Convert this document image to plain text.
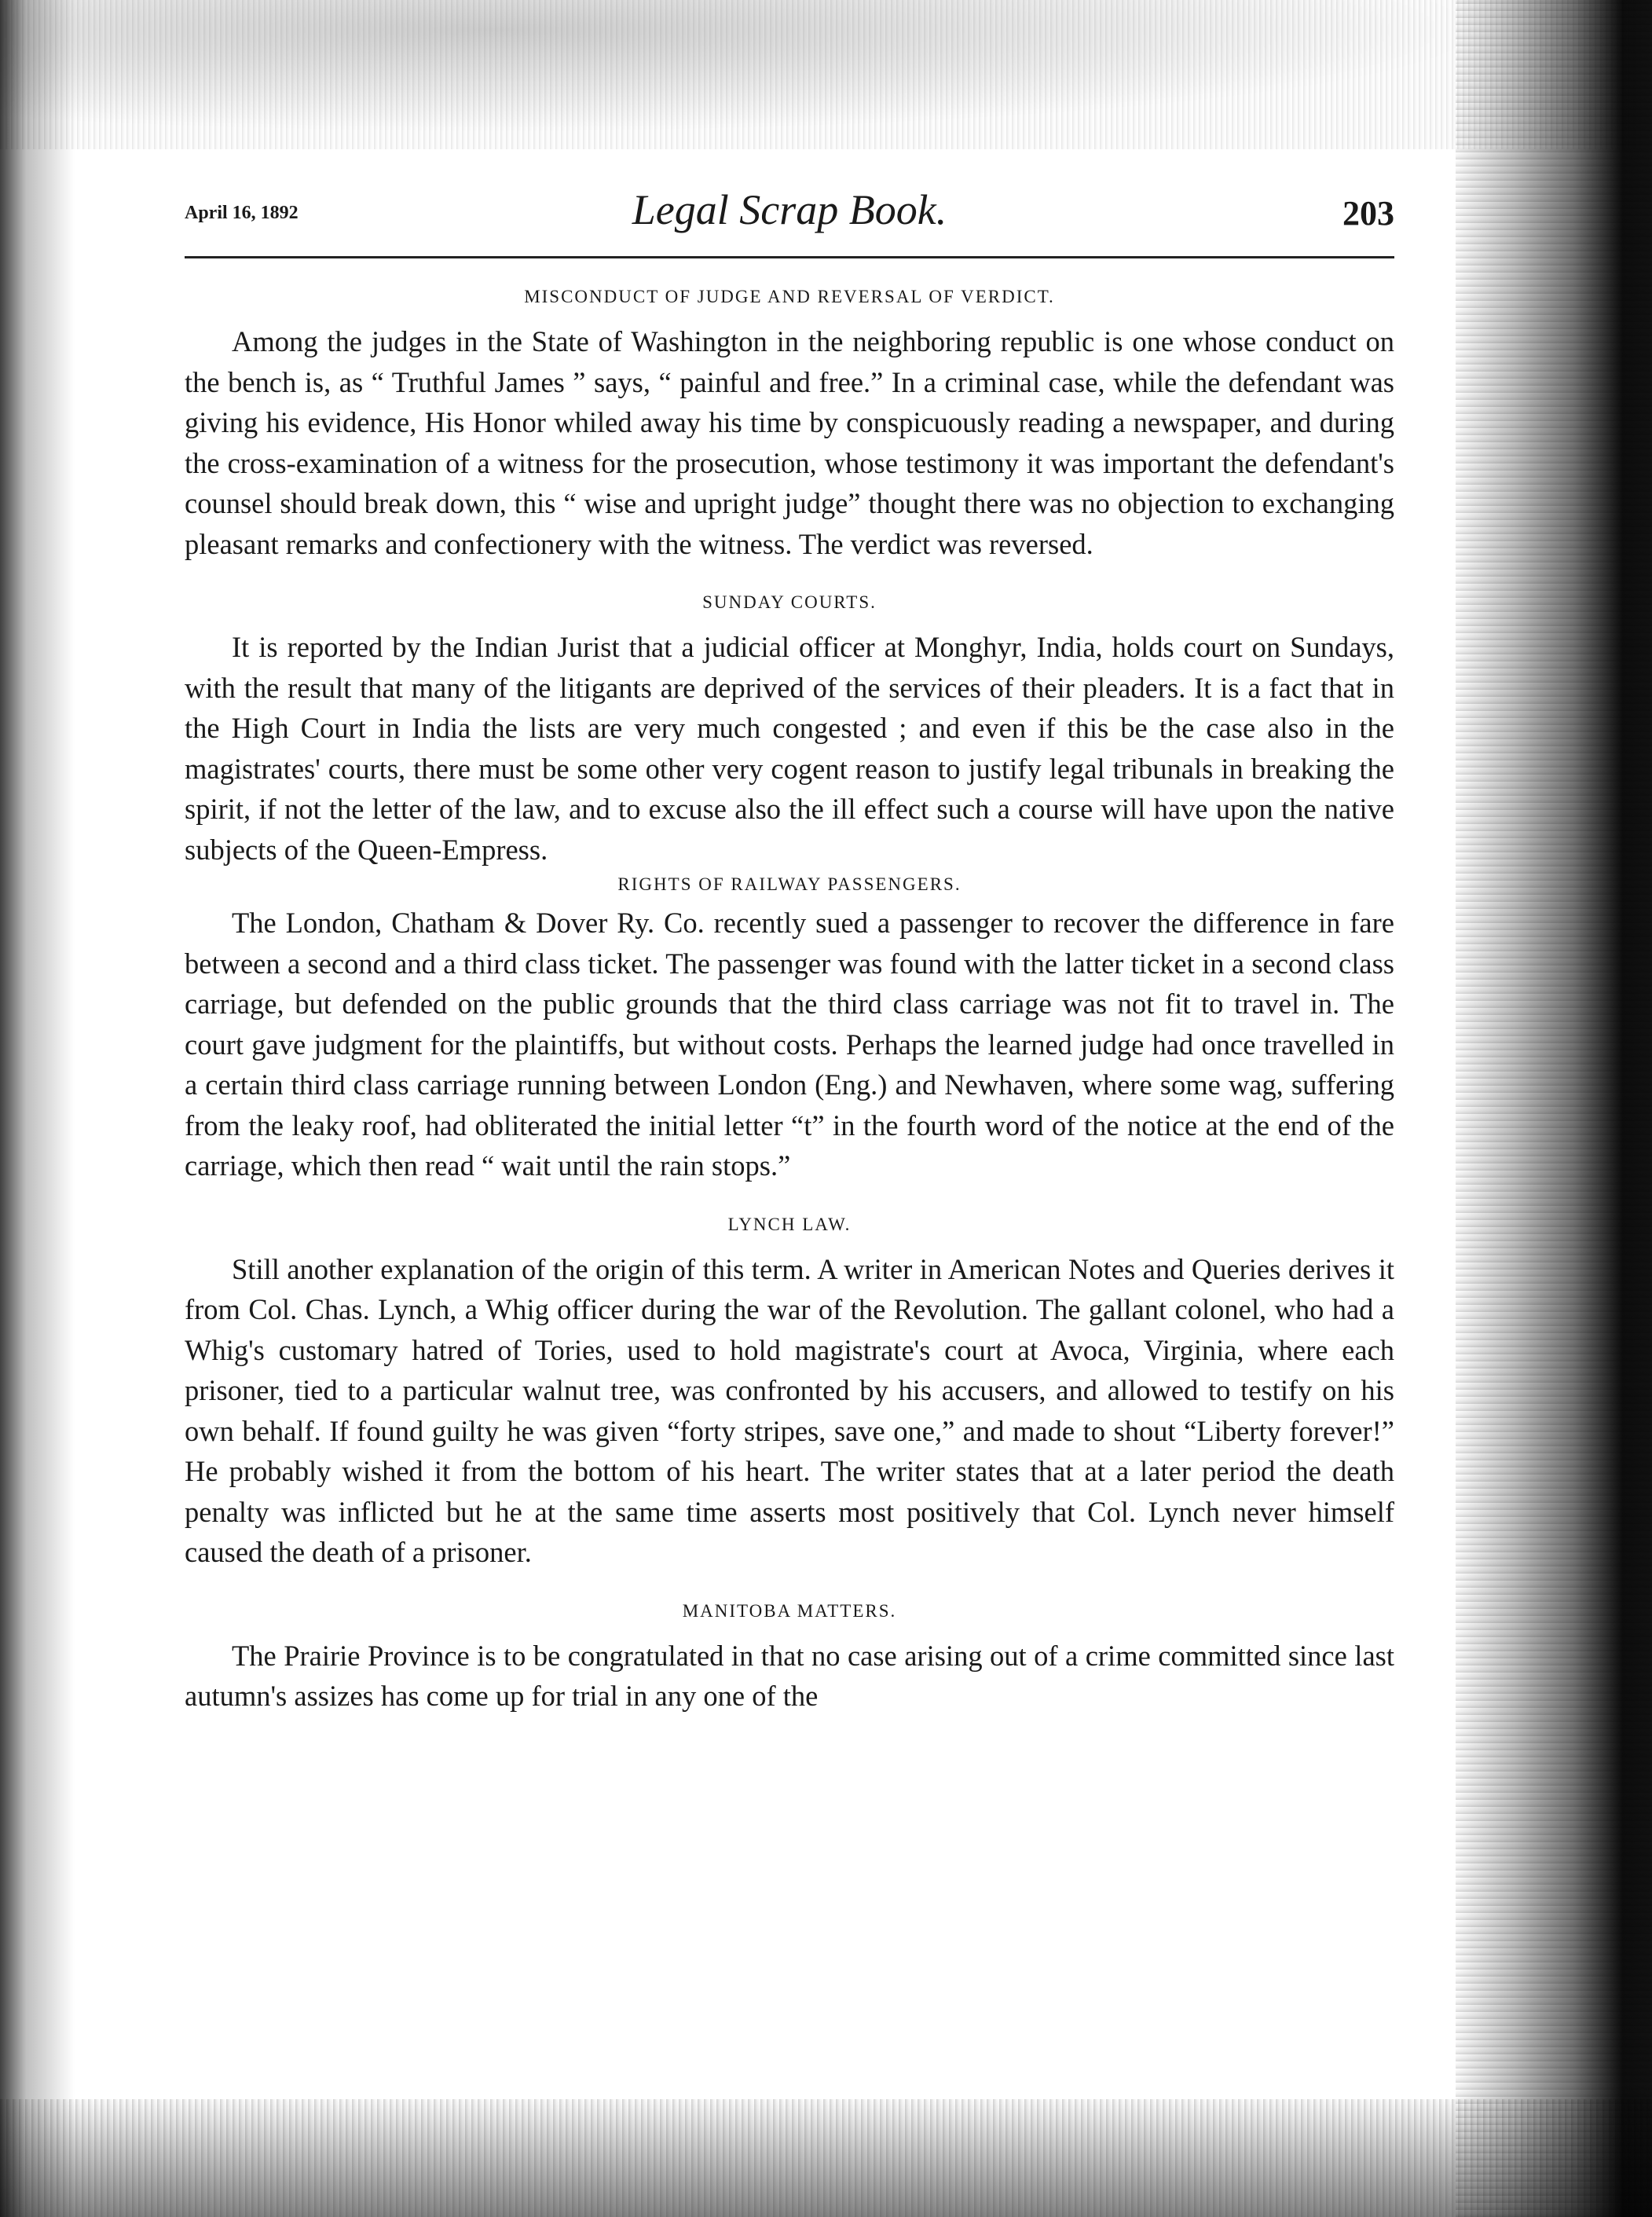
April 16, 1892	Legal Scrap Book.	203
MISCONDUCT OF JUDGE AND REVERSAL OF VERDICT.

Among the judges in the State of Washington in the neighboring republic is one whose conduct on the bench is, as “ Truthful James ” says, “ painful and free.” In a criminal case, while the defendant was giving his evidence, His Honor whiled away his time by conspicuously reading a newspaper, and during the cross-examination of a witness for the prosecution, whose testimony it was important the defendant's counsel should break down, this “ wise and upright judge” thought there was no objection to exchanging pleasant remarks and confectionery with the witness. The verdict was reversed.

SUNDAY COURTS.

It is reported by the Indian Jurist that a judicial officer at Monghyr, India, holds court on Sundays, with the result that many of the litigants are deprived of the services of their pleaders. It is a fact that in the High Court in India the lists are very much congested ; and even if this be the case also in the magistrates' courts, there must be some other very cogent reason to justify legal tribunals in breaking the spirit, if not the letter of the law, and to excuse also the ill effect such a course will have upon the native subjects of the Queen-Empress.

RIGHTS OF RAILWAY PASSENGERS.

The London, Chatham & Dover Ry. Co. recently sued a passenger to recover the difference in fare between a second and a third class ticket. The passenger was found with the latter ticket in a second class carriage, but defended on the public grounds that the third class carriage was not fit to travel in. The court gave judgment for the plaintiffs, but without costs. Perhaps the learned judge had once travelled in a certain third class carriage running between London (Eng.) and Newhaven, where some wag, suffering from the leaky roof, had obliterated the initial letter “t” in the fourth word of the notice at the end of the carriage, which then read “ wait until the rain stops.”

LYNCH LAW.

Still another explanation of the origin of this term. A writer in American Notes and Queries derives it from Col. Chas. Lynch, a Whig officer during the war of the Revolution. The gallant colonel, who had a Whig's customary hatred of Tories, used to hold magistrate's court at Avoca, Virginia, where each prisoner, tied to a particular walnut tree, was confronted by his accusers, and allowed to testify on his own behalf. If found guilty he was given “forty stripes, save one,” and made to shout “Liberty forever!” He probably wished it from the bottom of his heart. The writer states that at a later period the death penalty was inflicted but he at the same time asserts most positively that Col. Lynch never himself caused the death of a prisoner.

MANITOBA MATTERS.

The Prairie Province is to be congratulated in that no case arising out of a crime committed since last autumn's assizes has come up for trial in any one of the
